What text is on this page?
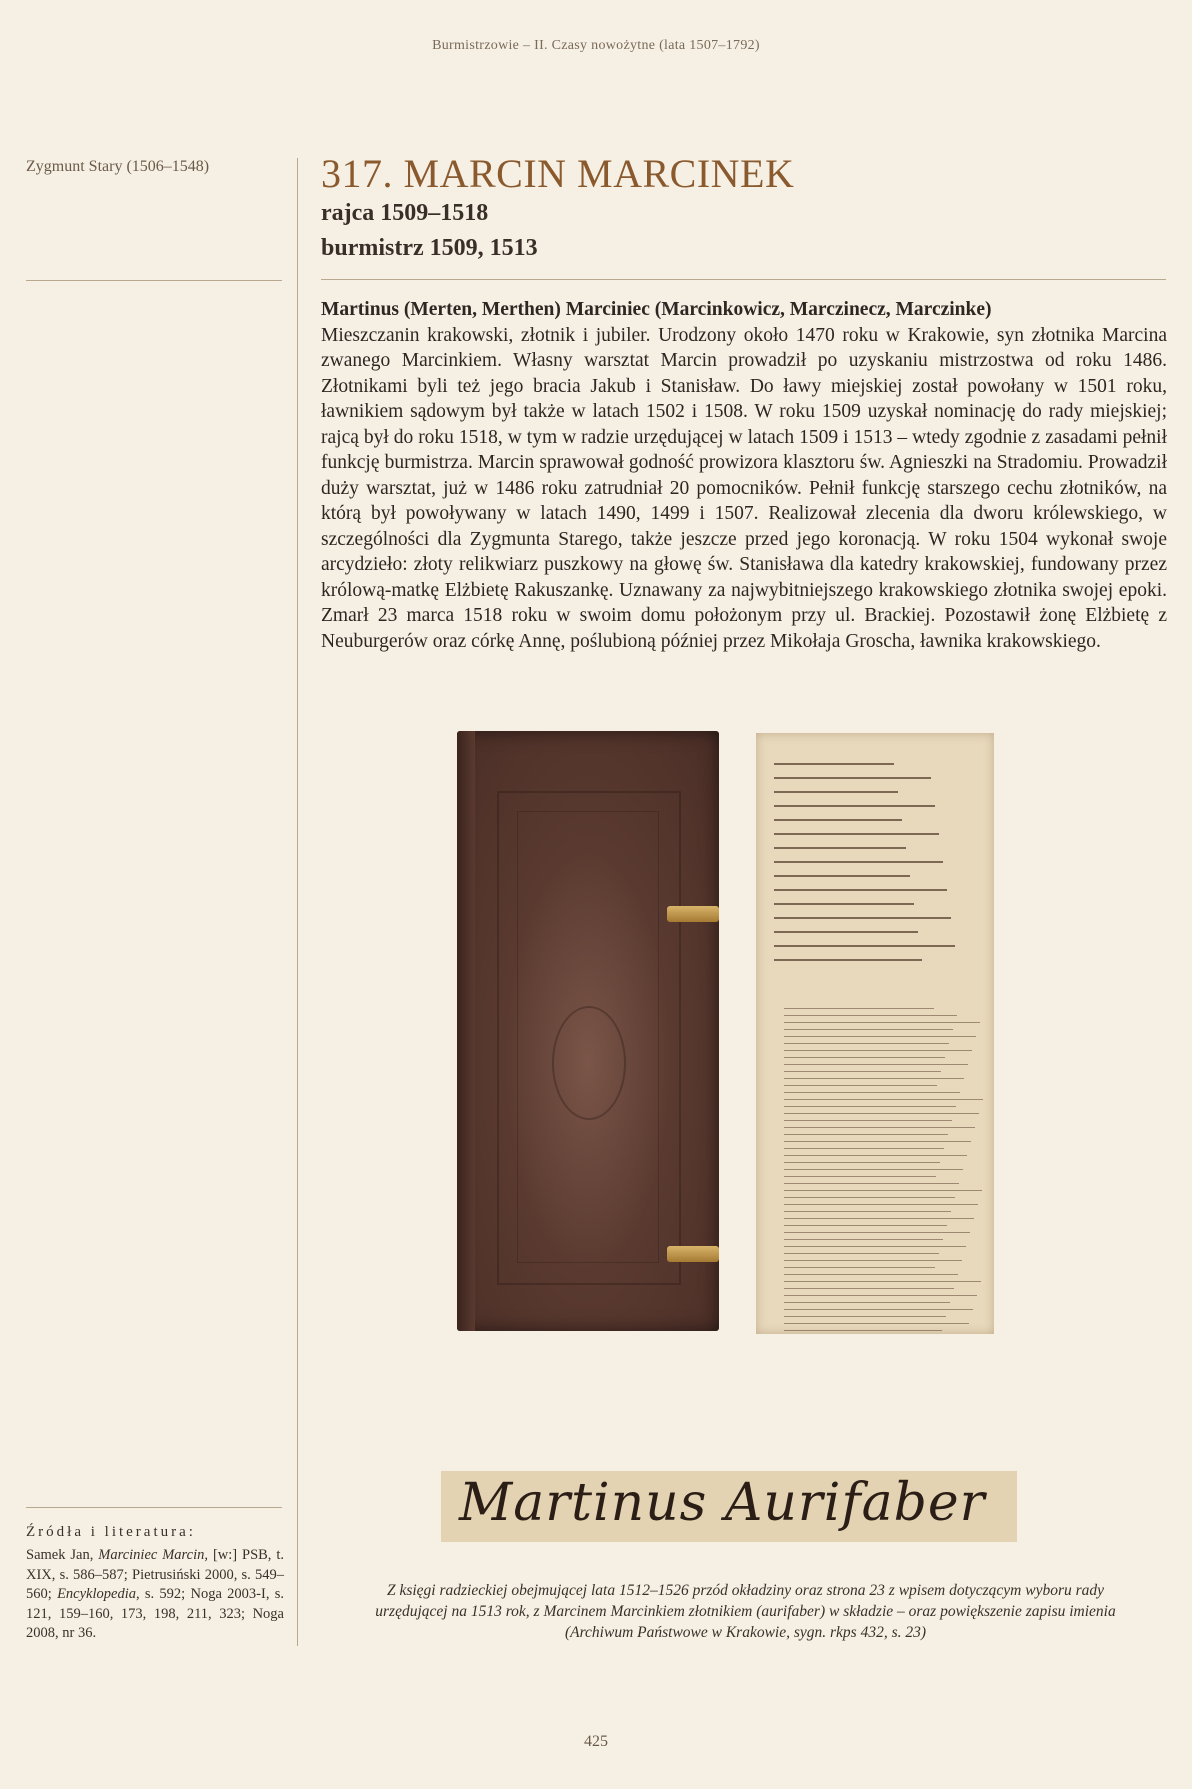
Burmistrzowie – II. Czasy nowożytne (lata 1507–1792)
Zygmunt Stary (1506–1548)	317. MARCIN MARCINEK
rajca 1509–1518
burmistrz 1509, 1513
Martinus (Merten, Merthen) Marciniec (Marcinkowicz, Marczinecz, Marczinke)
Mieszczanin krakowski, złotnik i jubiler. Urodzony około 1470 roku w Krakowie, syn złotnika Marcina zwanego Marcinkiem. Własny warsztat Marcin prowadził po uzyskaniu mistrzostwa od roku 1486. Złotnikami byli też jego bracia Jakub i Stanisław. Do ławy miejskiej został powołany w 1501 roku, ławnikiem sądowym był także w latach 1502 i 1508. W roku 1509 uzyskał nominację do rady miejskiej; rajcą był do roku 1518, w tym w radzie urzędującej w latach 1509 i 1513 – wtedy zgodnie z zasadami pełnił funkcję burmistrza. Marcin sprawował godność prowizora klasztoru św. Agnieszki na Stradomiu. Prowadził duży warsztat, już w 1486 roku zatrudniał 20 pomocników. Pełnił funkcję starszego cechu złotników, na którą był powoływany w latach 1490, 1499 i 1507. Realizował zlecenia dla dworu królewskiego, w szczególności dla Zygmunta Starego, także jeszcze przed jego koronacją. W roku 1504 wykonał swoje arcydzieło: złoty relikwiarz puszkowy na głowę św. Stanisława dla katedry krakowskiej, fundowany przez królową-matkę Elżbietę Rakuszankę. Uznawany za najwybitniejszego krakowskiego złotnika swojej epoki. Zmarł 23 marca 1518 roku w swoim domu położonym przy ul. Brackiej. Pozostawił żonę Elżbietę z Neuburgerów oraz córkę Annę, poślubioną później przez Mikołaja Groscha, ławnika krakowskiego.
Martinus Aurifaber
Z księgi radzieckiej obejmującej lata 1512–1526 przód okładziny oraz strona 23 z wpisem dotyczącym wyboru rady
urzędującej na 1513 rok, z Marcinem Marcinkiem złotnikiem (aurifaber) w składzie – oraz powiększenie zapisu imienia
(Archiwum Państwowe w Krakowie, sygn. rkps 432, s. 23)
Źródła i literatura:
Samek Jan, Marciniec Marcin, [w:] PSB, t. XIX, s. 586–587; Pietrusiński 2000, s. 549–560; Encyklopedia, s. 592; Noga 2003-I, s. 121, 159–160, 173, 198, 211, 323; Noga 2008, nr 36.
425
